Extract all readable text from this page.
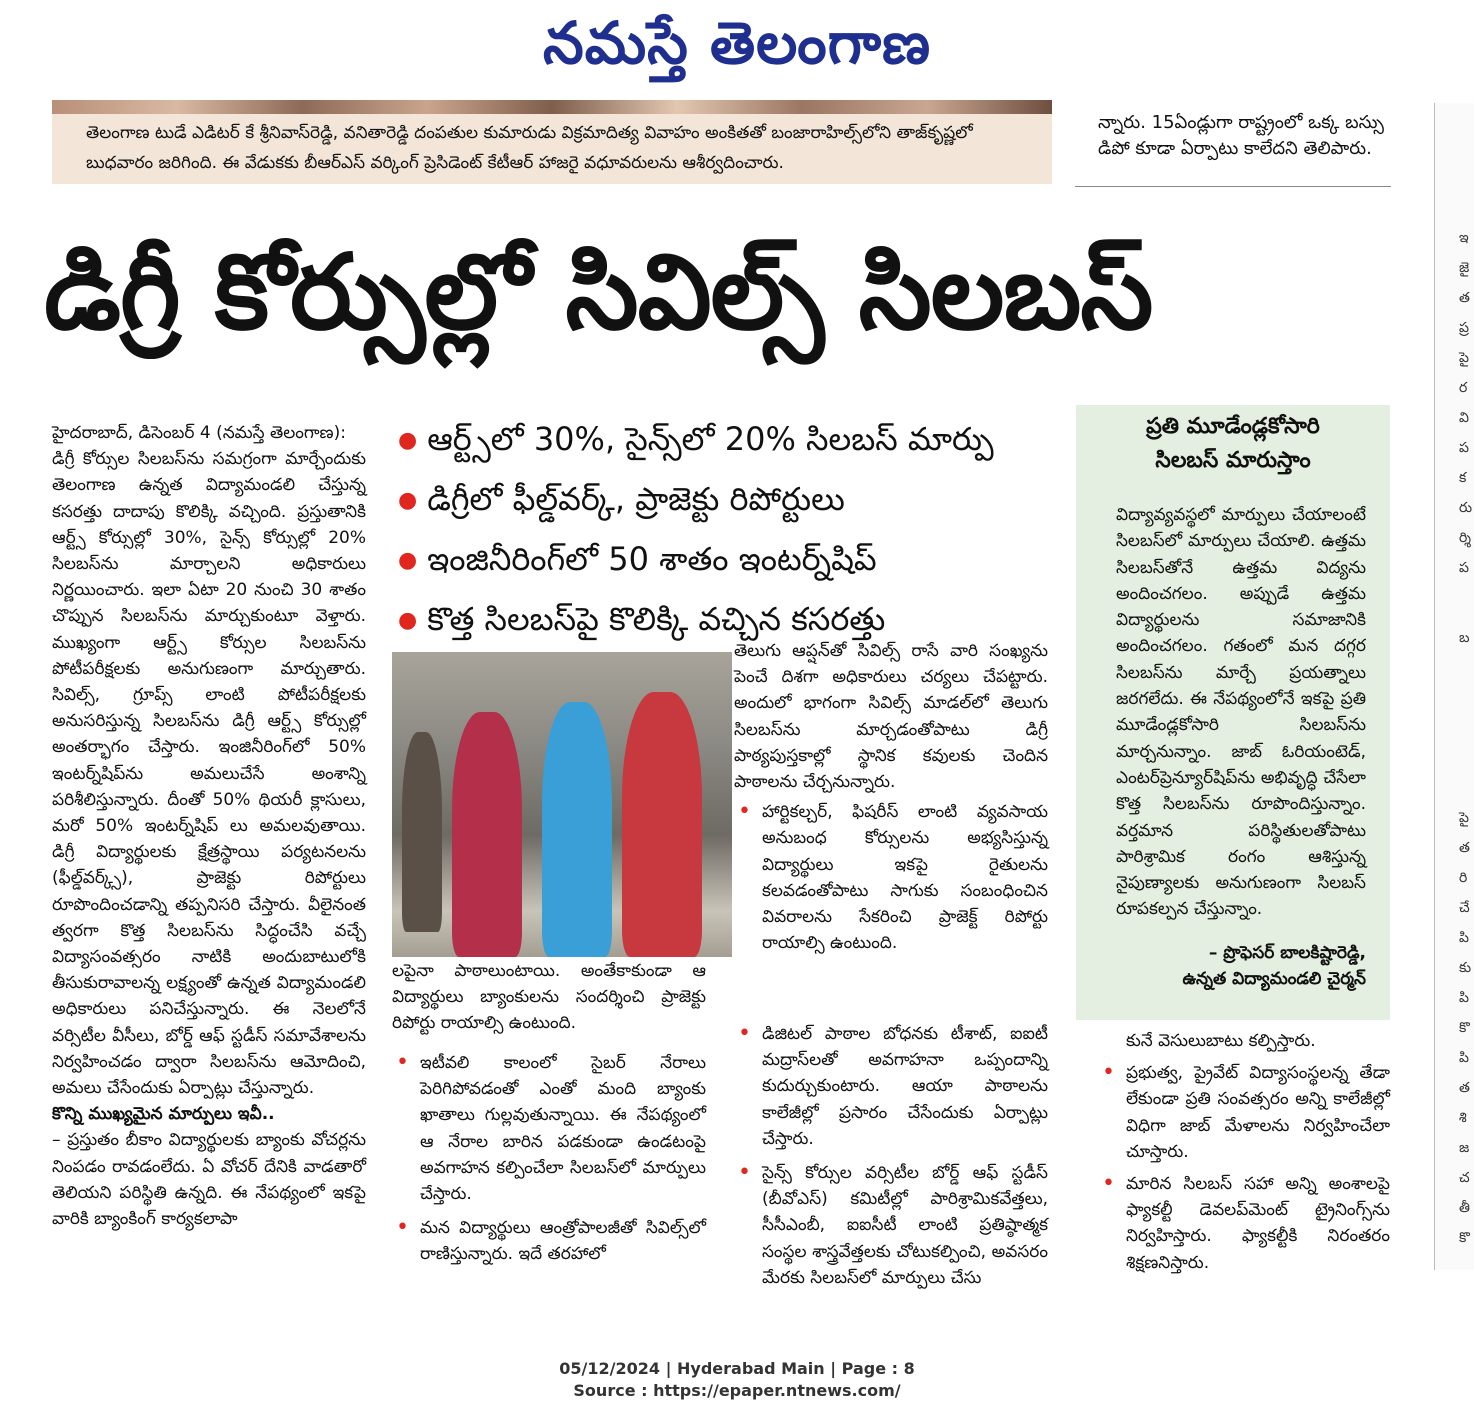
నమస్తే తెలంగాణ
తెలంగాణ టుడే ఎడిటర్ కే శ్రీనివాస్‌రెడ్డి, వనితారెడ్డి దంపతుల కుమారుడు విక్రమాదిత్య వివాహం అంకితతో బంజారాహిల్స్‌లోని తాజ్‌కృష్ణలో బుధవారం జరిగింది. ఈ వేడుకకు బీఆర్‌ఎస్ వర్కింగ్ ప్రెసిడెంట్ కేటీఆర్ హాజరై వధూవరులను ఆశీర్వదించారు.

న్నారు. 15ఏండ్లుగా రాష్ట్రంలో ఒక్క బస్సు
డిపో కూడా ఏర్పాటు కాలేదని తెలిపారు.
ఇ జై
త
ప్ర
పై ర
వి
ప క
రు
ర్శి
ప
బ
పై
త
రి
చే
పి
కు
పి
కొ
పి
త
శి
జ
చ
తీ
కొ
డిగ్రీ కోర్సుల్లో సివిల్స్ సిలబస్

హైదరాబాద్, డిసెంబర్ 4 (నమస్తే తెలంగాణ):

డిగ్రీ కోర్సుల సిలబస్‌ను సమగ్రంగా మార్చేందుకు తెలంగాణ ఉన్నత విద్యామండలి చేస్తున్న కసరత్తు దాదాపు కొలిక్కి వచ్చింది. ప్రస్తుతానికి ఆర్ట్స్ కోర్సుల్లో 30%, సైన్స్ కోర్సుల్లో 20% సిలబస్‌ను మార్చాలని అధికారులు నిర్ణయించారు. ఇలా ఏటా 20 నుంచి 30 శాతం చొప్పున సిలబస్‌ను మార్చుకుంటూ వెళ్తారు. ముఖ్యంగా ఆర్ట్స్ కోర్సుల సిలబస్‌ను పోటీపరీక్షలకు అనుగుణంగా మార్చుతారు. సివిల్స్, గ్రూప్స్ లాంటి పోటీపరీక్షలకు అనుసరిస్తున్న సిలబస్‌ను డిగ్రీ ఆర్ట్స్ కోర్సుల్లో అంతర్భాగం చేస్తారు. ఇంజినీరింగ్‌లో 50% ఇంటర్న్‌షిప్‌ను అమలుచేసే అంశాన్ని పరిశీలిస్తున్నారు. దీంతో 50% థియరీ క్లాసులు, మరో 50% ఇంటర్న్‌షిప్‌ లు అమలవుతాయి. డిగ్రీ విద్యార్థులకు క్షేత్రస్థాయి పర్యటనలను (ఫీల్డ్‌వర్క్స్), ప్రాజెక్టు రిపోర్టులు రూపొందించడాన్ని తప్పనిసరి చేస్తారు. వీలైనంత త్వరగా కొత్త సిలబస్‌ను సిద్ధంచేసి వచ్చే విద్యాసంవత్సరం నాటికి అందుబాటులోకి తీసుకురావాలన్న లక్ష్యంతో ఉన్నత విద్యామండలి అధికారులు పనిచేస్తున్నారు. ఈ నెలలోనే వర్సిటీల వీసీలు, బోర్డ్ ఆఫ్ స్టడీస్ సమావేశాలను నిర్వహించడం ద్వారా సిలబస్‌ను ఆమోదించి, అమలు చేసేందుకు ఏర్పాట్లు చేస్తున్నారు.

కొన్ని ముఖ్యమైన మార్పులు ఇవీ..

– ప్రస్తుతం బీకాం విద్యార్థులకు బ్యాంకు వోచర్లను నింపడం రావడంలేదు. ఏ వోచర్ దేనికి వాడతారో తెలియని పరిస్థితి ఉన్నది. ఈ నేపథ్యంలో ఇకపై వారికి బ్యాంకింగ్ కార్యకలాపా

● ఆర్ట్స్‌లో 30%, సైన్స్‌లో 20% సిలబస్ మార్పు
● డిగ్రీలో ఫీల్డ్‌వర్క్, ప్రాజెక్టు రిపోర్టులు
● ఇంజినీరింగ్‌లో 50 శాతం ఇంటర్న్‌షిప్
● కొత్త సిలబస్‌పై కొలిక్కి వచ్చిన కసరత్తు

లపైనా పాఠాలుంటాయి. అంతేకాకుండా ఆ విద్యార్థులు బ్యాంకులను సందర్శించి ప్రాజెక్టు రిపోర్టు రాయాల్సి ఉంటుంది.

• ఇటీవలి కాలంలో సైబర్ నేరాలు పెరిగిపోవడంతో ఎంతో మంది బ్యాంకు ఖాతాలు గుల్లవుతున్నాయి. ఈ నేపథ్యంలో ఆ నేరాల బారిన పడకుండా ఉండటంపై అవగాహన కల్పించేలా సిలబస్‌లో మార్పులు చేస్తారు.

• మన విద్యార్థులు ఆంత్రోపాలజీతో సివిల్స్‌లో రాణిస్తున్నారు. ఇదే తరహాలో

తెలుగు ఆప్షన్‌తో సివిల్స్ రాసే వారి సంఖ్యను పెంచే దిశగా అధికారులు చర్యలు చేపట్టారు. అందులో భాగంగా సివిల్స్ మాడల్‌లో తెలుగు సిలబస్‌ను మార్చడంతోపాటు డిగ్రీ పాఠ్యపుస్తకాల్లో స్థానిక కవులకు చెందిన పాఠాలను చేర్చనున్నారు.

• హార్టికల్చర్, ఫిషరీస్ లాంటి వ్యవసాయ అనుబంధ కోర్సులను అభ్యసిస్తున్న విద్యార్థులు ఇకపై రైతులను కలవడంతోపాటు సాగుకు సంబంధించిన వివరాలను సేకరించి ప్రాజెక్ట్ రిపోర్టు రాయాల్సి ఉంటుంది.

• డిజిటల్ పాఠాల బోధనకు టీశాట్, ఐఐటీ మద్రాస్‌లతో అవగాహనా ఒప్పందాన్ని కుదుర్చుకుంటారు. ఆయా పాఠాలను కాలేజీల్లో ప్రసారం చేసేందుకు ఏర్పాట్లు చేస్తారు.

• సైన్స్ కోర్సుల వర్సిటీల బోర్డ్ ఆఫ్ స్టడీస్ (బీవోఎస్) కమిటీల్లో పారిశ్రామికవేత్తలు, సీసీఎంబీ, ఐఐసీటీ లాంటి ప్రతిష్ఠాత్మక సంస్థల శాస్త్రవేత్తలకు చోటుకల్పించి, అవసరం మేరకు సిలబస్‌లో మార్పులు చేసు

ప్రతి మూడేండ్లకోసారి
సిలబస్ మారుస్తాం
విద్యావ్యవస్థలో మార్పులు చేయాలంటే సిలబస్‌లో మార్పులు చేయాలి. ఉత్తమ సిలబస్‌తోనే ఉత్తమ విద్యను అందించగలం. అప్పుడే ఉత్తమ విద్యార్థులను సమాజానికి అందించగలం. గతంలో మన దగ్గర సిలబస్‌ను మార్చే ప్రయత్నాలు జరగలేదు. ఈ నేపథ్యంలోనే ఇకపై ప్రతి మూడేండ్లకోసారి సిలబస్‌ను మార్చనున్నాం. జాబ్ ఓరియంటెడ్, ఎంటర్‌ప్రెన్యూర్‌షిప్‌ను అభివృద్ధి చేసేలా కొత్త సిలబస్‌ను రూపొందిస్తున్నాం. వర్తమాన పరిస్థితులతోపాటు పారిశ్రామిక రంగం ఆశిస్తున్న నైపుణ్యాలకు అనుగుణంగా సిలబస్ రూపకల్పన చేస్తున్నాం.
– ప్రొఫెసర్ బాలకిష్టారెడ్డి,
ఉన్నత విద్యామండలి చైర్మన్

కునే వెసులుబాటు కల్పిస్తారు.

• ప్రభుత్వ, ప్రైవేట్ విద్యాసంస్థలన్న తేడా లేకుండా ప్రతి సంవత్సరం అన్ని కాలేజీల్లో విధిగా జాబ్ మేళాలను నిర్వహించేలా చూస్తారు.

• మారిన సిలబస్ సహా అన్ని అంశాలపై ఫ్యాకల్టీ డెవలప్‌మెంట్ ట్రైనింగ్స్‌ను నిర్వహిస్తారు. ఫ్యాకల్టీకి నిరంతరం శిక్షణనిస్తారు.

05/12/2024 | Hyderabad Main | Page : 8
Source : https://epaper.ntnews.com/
